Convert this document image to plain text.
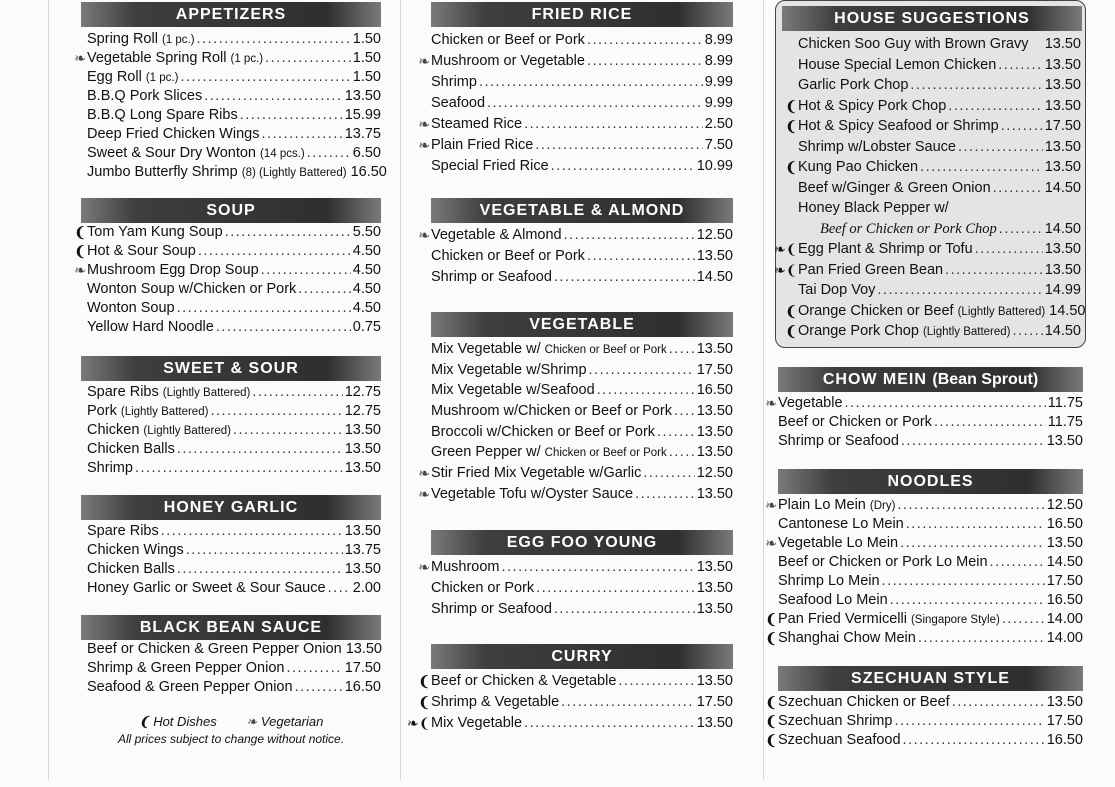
APPETIZERS
Spring Roll (1 pc.) .....	1.50
❧ Vegetable Spring Roll (1 pc.) .....	1.50
Egg Roll (1 pc.) .....	1.50
B.B.Q Pork Slices .....	13.50
B.B.Q Long Spare Ribs .....	15.99
Deep Fried Chicken Wings .....	13.75
Sweet & Sour Dry Wonton (14 pcs.) .....	6.50
Jumbo Butterfly Shrimp (8) (Lightly Battered) 16.50
SOUP
❨ Tom Yam Kung Soup .....	5.50
❨ Hot & Sour Soup .....	4.50
❧ Mushroom Egg Drop Soup .....	4.50
Wonton Soup w/Chicken or Pork .....	4.50
Wonton Soup .....	4.50
Yellow Hard Noodle .....	0.75
SWEET & SOUR
Spare Ribs (Lightly Battered) .....	12.75
Pork (Lightly Battered) .....	12.75
Chicken (Lightly Battered) .....	13.50
Chicken Balls .....	13.50
Shrimp .....	13.50
HONEY GARLIC
Spare Ribs .....	13.50
Chicken Wings .....	13.75
Chicken Balls .....	13.50
Honey Garlic or Sweet & Sour Sauce ..... 2.00
BLACK BEAN SAUCE
Beef or Chicken & Green Pepper Onion 13.50
Shrimp & Green Pepper Onion .....	17.50
Seafood & Green Pepper Onion .....	16.50
❨ Hot Dishes ❧ Vegetarian
All prices subject to change without notice.
FRIED RICE
Chicken or Beef or Pork .....	8.99
❧ Mushroom or Vegetable .....	8.99
Shrimp .....	9.99
Seafood .....	9.99
❧ Steamed Rice .....	2.50
❧ Plain Fried Rice .....	7.50
Special Fried Rice .....	10.99
VEGETABLE & ALMOND
❧ Vegetable & Almond .....	12.50
Chicken or Beef or Pork .....	13.50
Shrimp or Seafood .....	14.50
VEGETABLE
Mix Vegetable w/ Chicken or Beef or Pork ..... 13.50
Mix Vegetable w/Shrimp .....	17.50
Mix Vegetable w/Seafood .....	16.50
Mushroom w/Chicken or Beef or Pork ..... 13.50
Broccoli w/Chicken or Beef or Pork .....	13.50
Green Pepper w/ Chicken or Beef or Pork ..... 13.50
❧ Stir Fried Mix Vegetable w/Garlic .....	12.50
❧ Vegetable Tofu w/Oyster Sauce .....	13.50
EGG FOO YOUNG
❧ Mushroom .....	13.50
Chicken or Pork .....	13.50
Shrimp or Seafood .....	13.50
CURRY
❨ Beef or Chicken & Vegetable .....	13.50
❨ Shrimp & Vegetable .....	17.50
❧❨ Mix Vegetable .....	13.50
HOUSE SUGGESTIONS
Chicken Soo Guy with Brown Gravy 13.50
House Special Lemon Chicken .....	13.50
Garlic Pork Chop .....	13.50
❨ Hot & Spicy Pork Chop .....	13.50
❨ Hot & Spicy Seafood or Shrimp .....	17.50
Shrimp w/Lobster Sauce .....	13.50
❨ Kung Pao Chicken .....	13.50
Beef w/Ginger & Green Onion .....	14.50
Honey Black Pepper w/
Beef or Chicken or Pork Chop .....	14.50
❧❨ Egg Plant & Shrimp or Tofu .....	13.50
❧❨ Pan Fried Green Bean .....	13.50
Tai Dop Voy .....	14.99
❨ Orange Chicken or Beef (Lightly Battered) 14.50
❨ Orange Pork Chop (Lightly Battered) ..... 14.50
CHOW MEIN (Bean Sprout)
❧ Vegetable .....	11.75
Beef or Chicken or Pork .....	11.75
Shrimp or Seafood .....	13.50
NOODLES
❧ Plain Lo Mein (Dry) .....	12.50
Cantonese Lo Mein .....	16.50
❧ Vegetable Lo Mein .....	13.50
Beef or Chicken or Pork Lo Mein .....	14.50
Shrimp Lo Mein .....	17.50
Seafood Lo Mein .....	16.50
❨ Pan Fried Vermicelli (Singapore Style) .....	14.00
❨ Shanghai Chow Mein .....	14.00
SZECHUAN STYLE
❨ Szechuan Chicken or Beef .....	13.50
❨ Szechuan Shrimp .....	17.50
❨ Szechuan Seafood .....	16.50
